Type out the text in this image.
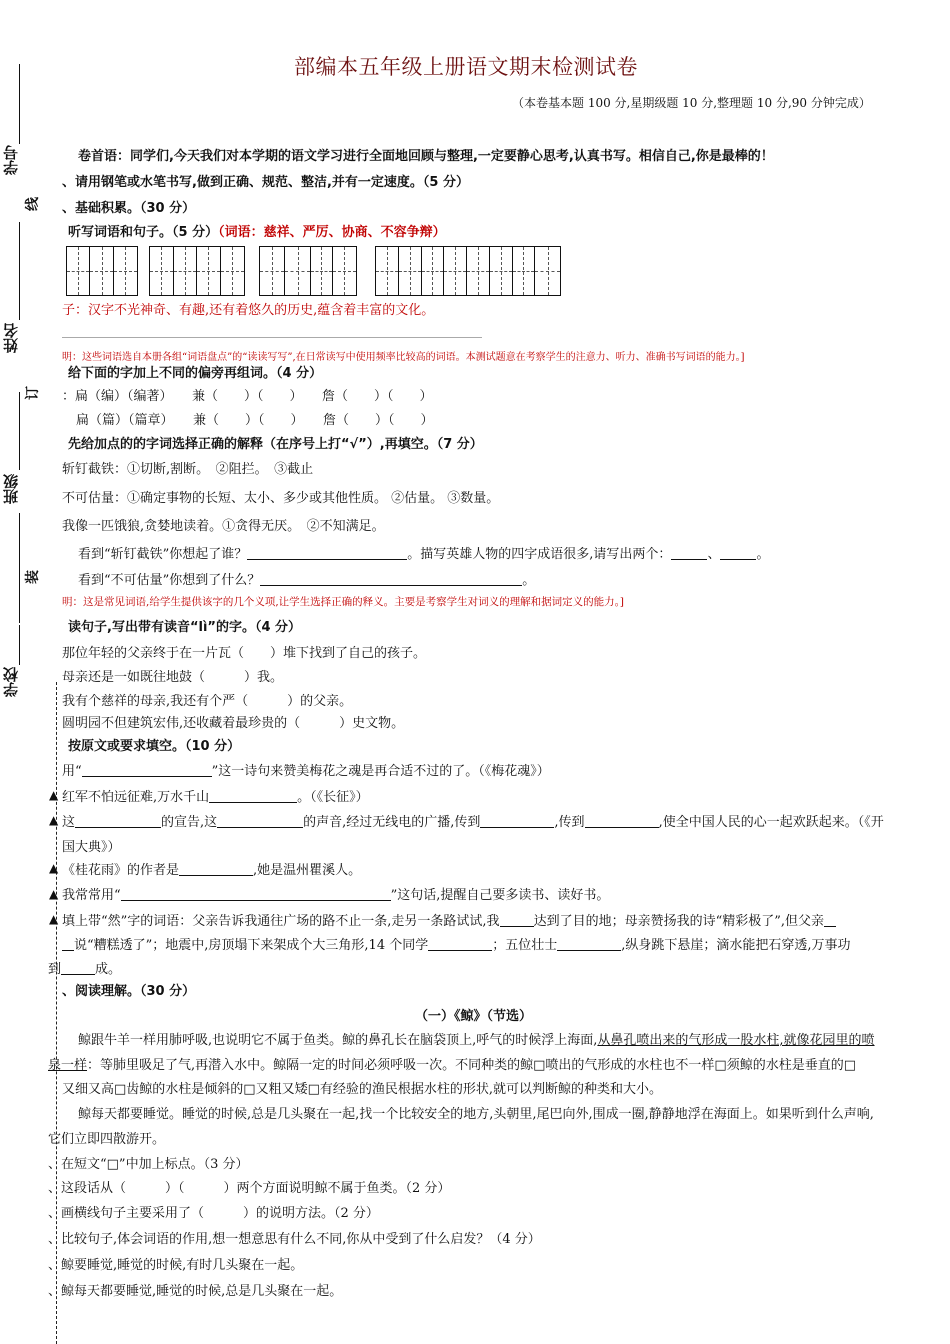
学号
线
姓名
订
班级
装
学校
部编本五年级上册语文期末检测试卷
（本卷基本题 100 分,星期级题 10 分,整理题 10 分,90 分钟完成）
卷首语：同学们,今天我们对本学期的语文学习进行全面地回顾与整理,一定要静心思考,认真书写。相信自己,你是最棒的！
、请用钢笔或水笔书写,做到正确、规范、整洁,并有一定速度。（5 分）
、基础积累。（30 分）
听写词语和句子。（5 分）（词语：慈祥、严厉、协商、不容争辩）
子：汉字不光神奇、有趣,还有着悠久的历史,蕴含着丰富的文化。
明：这些词语选自本册各组“词语盘点”的“读读写写”,在日常读写中使用频率比较高的词语。本测试题意在考察学生的注意力、听力、准确书写词语的能力。]
给下面的字加上不同的偏旁再组词。（4 分）
：扁（编）（编著）　　兼（　　）（　　）　　詹（　　）（　　）
扁（篇）（篇章）　　兼（　　）（　　）　　詹（　　）（　　）
先给加点的的字词选择正确的解释（在序号上打“√”）,再填空。（7 分）
斩钉截铁：①切断,割断。　②阻拦。　③截止
不可估量：①确定事物的长短、太小、多少或其他性质。 ②估量。 ③数量。
我像一匹饿狼,贪婪地读着。①贪得无厌。　②不知满足。
看到“斩钉截铁”你想起了谁？	。描写英雄人物的四字成语很多,请写出两个：	、	。
看到“不可估量”你想到了什么？	。
明：这是常见词语,给学生提供该字的几个义项,让学生选择正确的释义。主要是考察学生对词义的理解和据词定义的能力。]
读句子,写出带有读音“lì”的字。（4 分）
那位年轻的父亲终于在一片瓦（　　）堆下找到了自己的孩子。
母亲还是一如既往地鼓（　　　）我。
我有个慈祥的母亲,我还有个严（　　　）的父亲。
圆明园不但建筑宏伟,还收藏着最珍贵的（　　　）史文物。
按原文或要求填空。（10 分）
用“	”这一诗句来赞美梅花之魂是再合适不过的了。（《梅花魂》）
▲ 红军不怕远征难,万水千山	。（《长征》）
▲ 这	的宣告,这	的声音,经过无线电的广播,传到	,传到	,使全中国人民的心一起欢跃起来。（《开
国大典》）
▲ 《桂花雨》的作者是	,她是温州瞿溪人。
▲ 我常常用“	”这句话,提醒自己要多读书、读好书。
▲ 填上带“然”字的词语：父亲告诉我通往广场的路不止一条,走另一条路试试,我	达到了目的地；母亲赞扬我的诗“精彩极了”,但父亲
说“糟糕透了”；地震中,房顶塌下来架成个大三角形,14 个同学	；五位壮士	,纵身跳下悬崖；滴水能把石穿透,万事功
到	成。
、阅读理解。（30 分）
（一）《鲸》（节选）
鲸跟牛羊一样用肺呼吸,也说明它不属于鱼类。鲸的鼻孔长在脑袋顶上,呼气的时候浮上海面,从鼻孔喷出来的气形成一股水柱,就像花园里的喷
泉一样：等肺里吸足了气,再潜入水中。鲸隔一定的时间必须呼吸一次。不同种类的鲸□喷出的气形成的水柱也不一样□须鲸的水柱是垂直的□
又细又高□齿鲸的水柱是倾斜的□又粗又矮□有经验的渔民根据水柱的形状,就可以判断鲸的种类和大小。
鲸每天都要睡觉。睡觉的时候,总是几头聚在一起,找一个比较安全的地方,头朝里,尾巴向外,围成一圈,静静地浮在海面上。如果听到什么声响,
它们立即四散游开。
、在短文“□”中加上标点。（3 分）
、这段话从（　　　）（　　　）两个方面说明鲸不属于鱼类。（2 分）
、画横线句子主要采用了（　　　）的说明方法。（2 分）
、比较句子,体会词语的作用,想一想意思有什么不同,你从中受到了什么启发？（4 分）
、鲸要睡觉,睡觉的时候,有时几头聚在一起。
、鲸每天都要睡觉,睡觉的时候,总是几头聚在一起。
